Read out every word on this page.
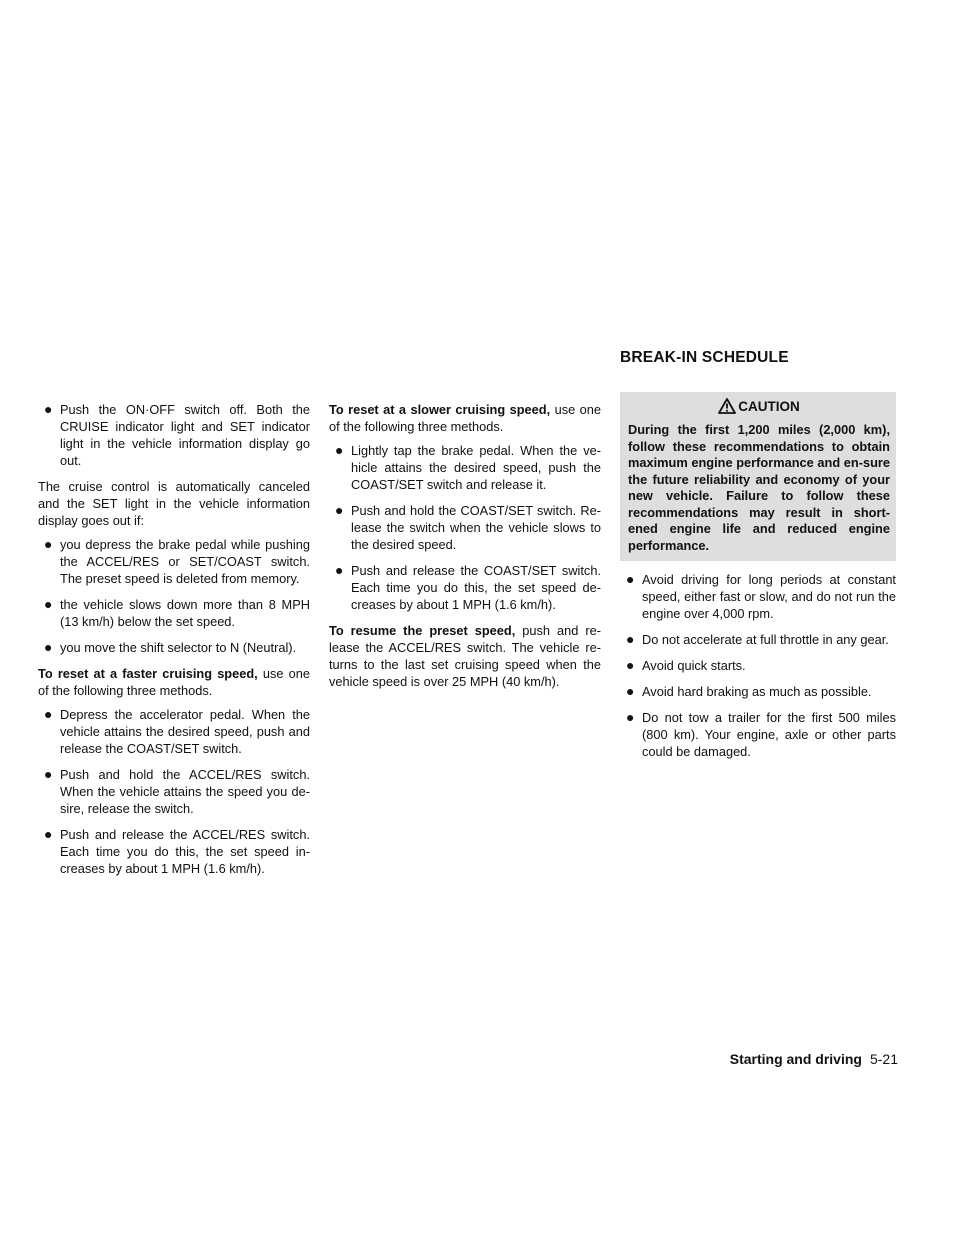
BREAK-IN SCHEDULE
● Push the ON·OFF switch off. Both the CRUISE indicator light and SET indicator light in the vehicle information display go out.

The cruise control is automatically canceled and the SET light in the vehicle information display goes out if:

● you depress the brake pedal while pushing the ACCEL/RES or SET/COAST switch. The preset speed is deleted from memory.
● the vehicle slows down more than 8 MPH (13 km/h) below the set speed.
● you move the shift selector to N (Neutral).

To reset at a faster cruising speed, use one of the following three methods.

● Depress the accelerator pedal. When the vehicle attains the desired speed, push and release the COAST/SET switch.
● Push and hold the ACCEL/RES switch. When the vehicle attains the speed you de-sire, release the switch.
● Push and release the ACCEL/RES switch. Each time you do this, the set speed in-creases by about 1 MPH (1.6 km/h).

To reset at a slower cruising speed, use one of the following three methods.

● Lightly tap the brake pedal. When the ve-hicle attains the desired speed, push the COAST/SET switch and release it.
● Push and hold the COAST/SET switch. Re-lease the switch when the vehicle slows to the desired speed.
● Push and release the COAST/SET switch. Each time you do this, the set speed de-creases by about 1 MPH (1.6 km/h).

To resume the preset speed, push and re-lease the ACCEL/RES switch. The vehicle re-turns to the last set cruising speed when the vehicle speed is over 25 MPH (40 km/h).

CAUTION
During the first 1,200 miles (2,000 km), follow these recommendations to obtain maximum engine performance and en-sure the future reliability and economy of your new vehicle. Failure to follow these recommendations may result in short-ened engine life and reduced engine performance.
● Avoid driving for long periods at constant speed, either fast or slow, and do not run the engine over 4,000 rpm.
● Do not accelerate at full throttle in any gear.
● Avoid quick starts.
● Avoid hard braking as much as possible.
● Do not tow a trailer for the first 500 miles (800 km). Your engine, axle or other parts could be damaged.
Starting and driving 5-21
